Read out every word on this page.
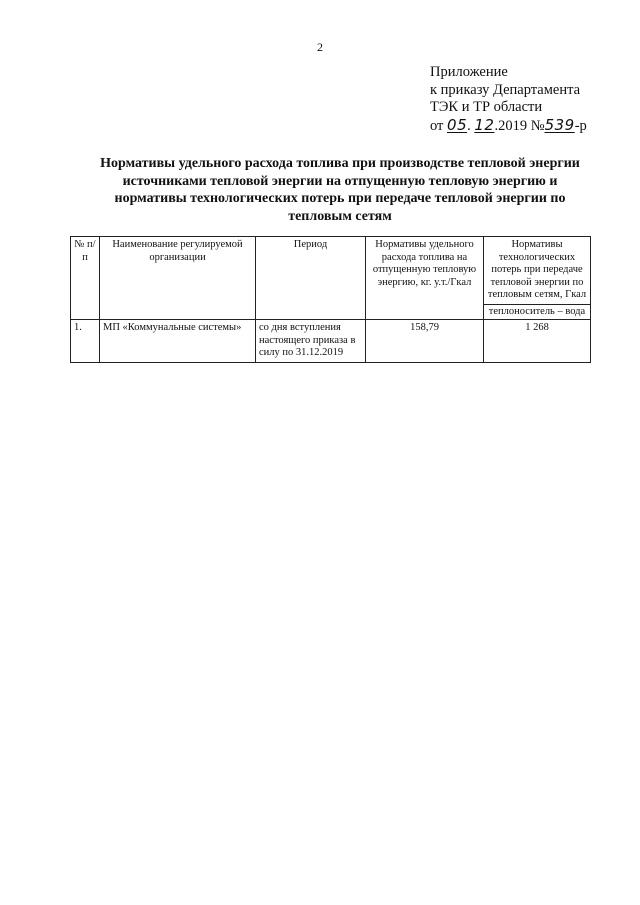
2
Приложение
к приказу Департамента
ТЭК и ТР области
от 05. 12.2019 №539-р
Нормативы удельного расхода топлива при производстве тепловой энергии источниками тепловой энергии на отпущенную тепловую энергию и нормативы технологических потерь при передаче тепловой энергии по тепловым сетям
№ п/п	Наименование регулируемой организации	Период	Нормативы удельного расхода топлива на отпущенную тепловую энергию, кг. у.т./Гкал	Нормативы технологических потерь при передаче тепловой энергии по тепловым сетям, Гкал
				теплоноситель – вода
1.	МП «Коммунальные системы»	со дня вступления настоящего приказа в силу по 31.12.2019	158,79	1 268
